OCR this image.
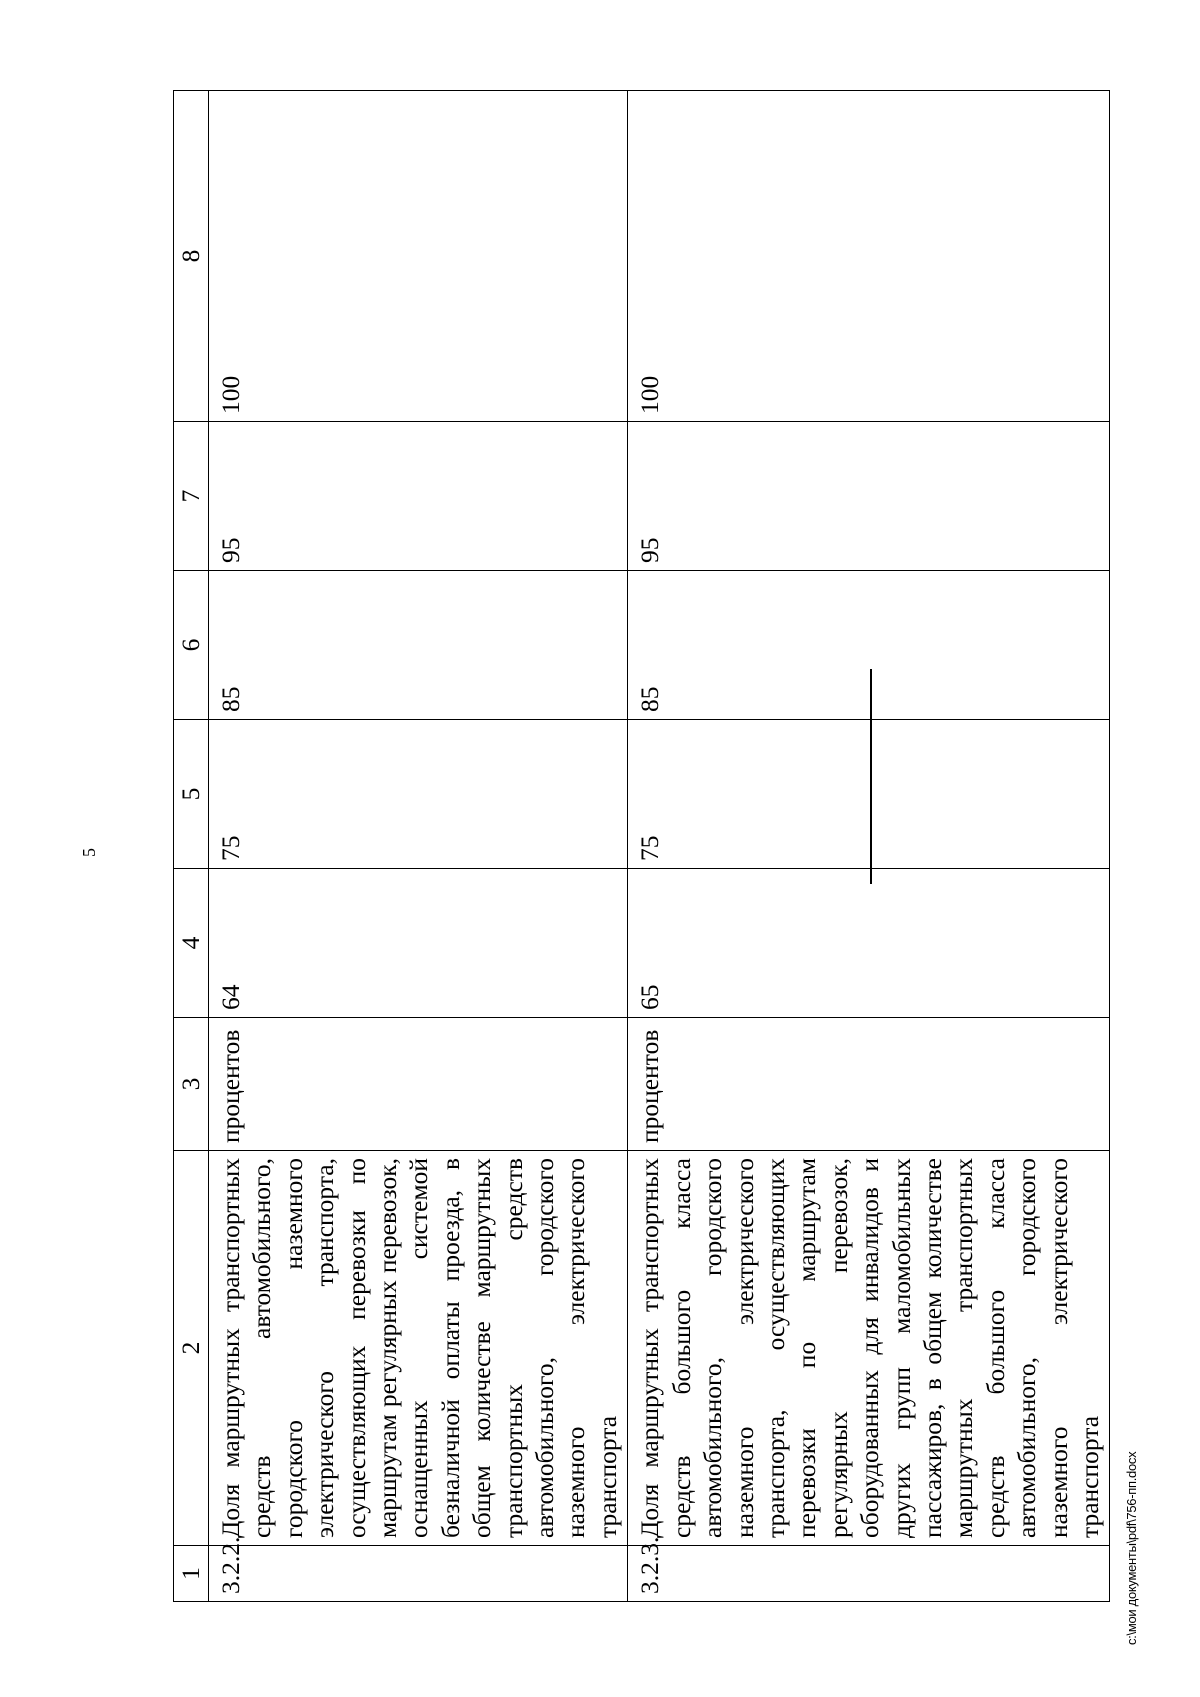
5
1	2	3	4	5	6	7	8
3.2.2.	Доля маршрутных транспортных средств автомобильного, городского наземного электрического транспорта, осуществляющих перевозки по маршрутам регулярных перевозок, оснащенных системой безналичной оплаты проезда, в общем количестве маршрутных транспортных средств автомобильного, городского наземного электрического транспорта	процентов	64	75	85	95	100
3.2.3.	Доля маршрутных транспортных средств большого класса автомобильного, городского наземного электрического транспорта, осуществляющих перевозки по маршрутам регулярных перевозок, оборудованных для инвалидов и других групп маломобильных пассажиров, в общем количестве маршрутных транспортных средств большого класса автомобильного, городского наземного электрического транспорта	процентов	65	75	85	95	100
c:\мои документы\pdf\756-пп.docx
